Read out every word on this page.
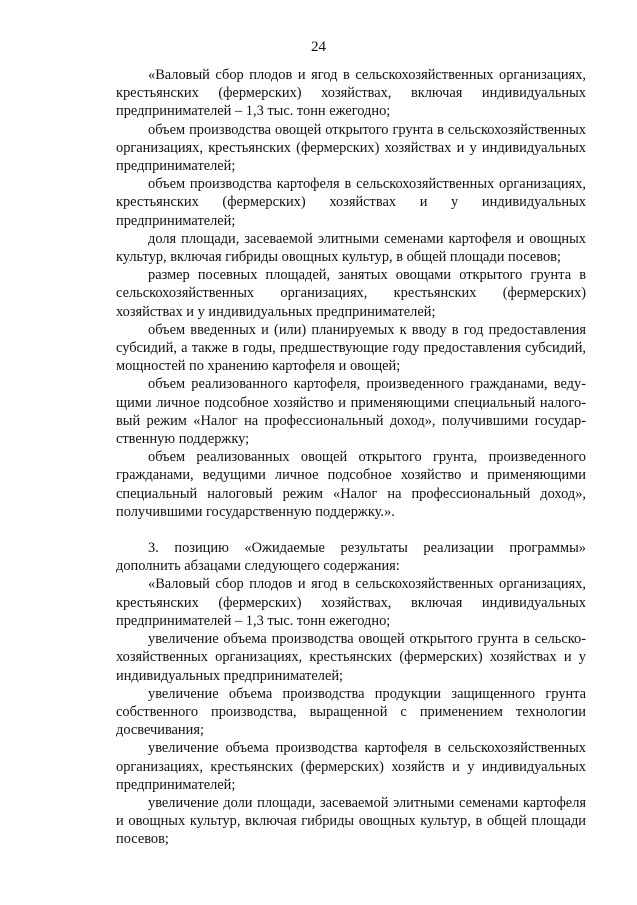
24

«Валовый сбор плодов и ягод в сельскохозяйственных организациях, крестьянских (фермерских) хозяйствах, включая индивидуальных предпринимателей – 1,3 тыс. тонн ежегодно;

объем производства овощей открытого грунта в сельскохозяйственных организациях, крестьянских (фермерских) хозяйствах и у индивидуальных предпринимателей;

объем производства картофеля в сельскохозяйственных организациях, крестьянских (фермерских) хозяйствах и у индивидуальных предпринимателей;

доля площади, засеваемой элитными семенами картофеля и овощных культур, включая гибриды овощных культур, в общей площади посевов;

размер посевных площадей, занятых овощами открытого грунта в сельскохозяйственных организациях, крестьянских (фермерских) хозяйствах и у индивидуальных предпринимателей;

объем введенных и (или) планируемых к вводу в год предоставления субсидий, а также в годы, предшествующие году предоставления субсидий, мощностей по хранению картофеля и овощей;

объем реализованного картофеля, произведенного гражданами, ведущими личное подсобное хозяйство и применяющими специальный налоговый режим «Налог на профессиональный доход», получившими государственную поддержку;

объем реализованных овощей открытого грунта, произведенного гражданами, ведущими личное подсобное хозяйство и применяющими специальный налоговый режим «Налог на профессиональный доход», получившими государственную поддержку.».

3. позицию «Ожидаемые результаты реализации программы» дополнить абзацами следующего содержания:

«Валовый сбор плодов и ягод в сельскохозяйственных организациях, крестьянских (фермерских) хозяйствах, включая индивидуальных предпринимателей – 1,3 тыс. тонн ежегодно;

увеличение объема производства овощей открытого грунта в сельскохозяйственных организациях, крестьянских (фермерских) хозяйствах и у индивидуальных предпринимателей;

увеличение объема производства продукции защищенного грунта собственного производства, выращенной с применением технологии досвечивания;

увеличение объема производства картофеля в сельскохозяйственных организациях, крестьянских (фермерских) хозяйств и у индивидуальных предпринимателей;

увеличение доли площади, засеваемой элитными семенами картофеля и овощных культур, включая гибриды овощных культур, в общей площади посевов;
